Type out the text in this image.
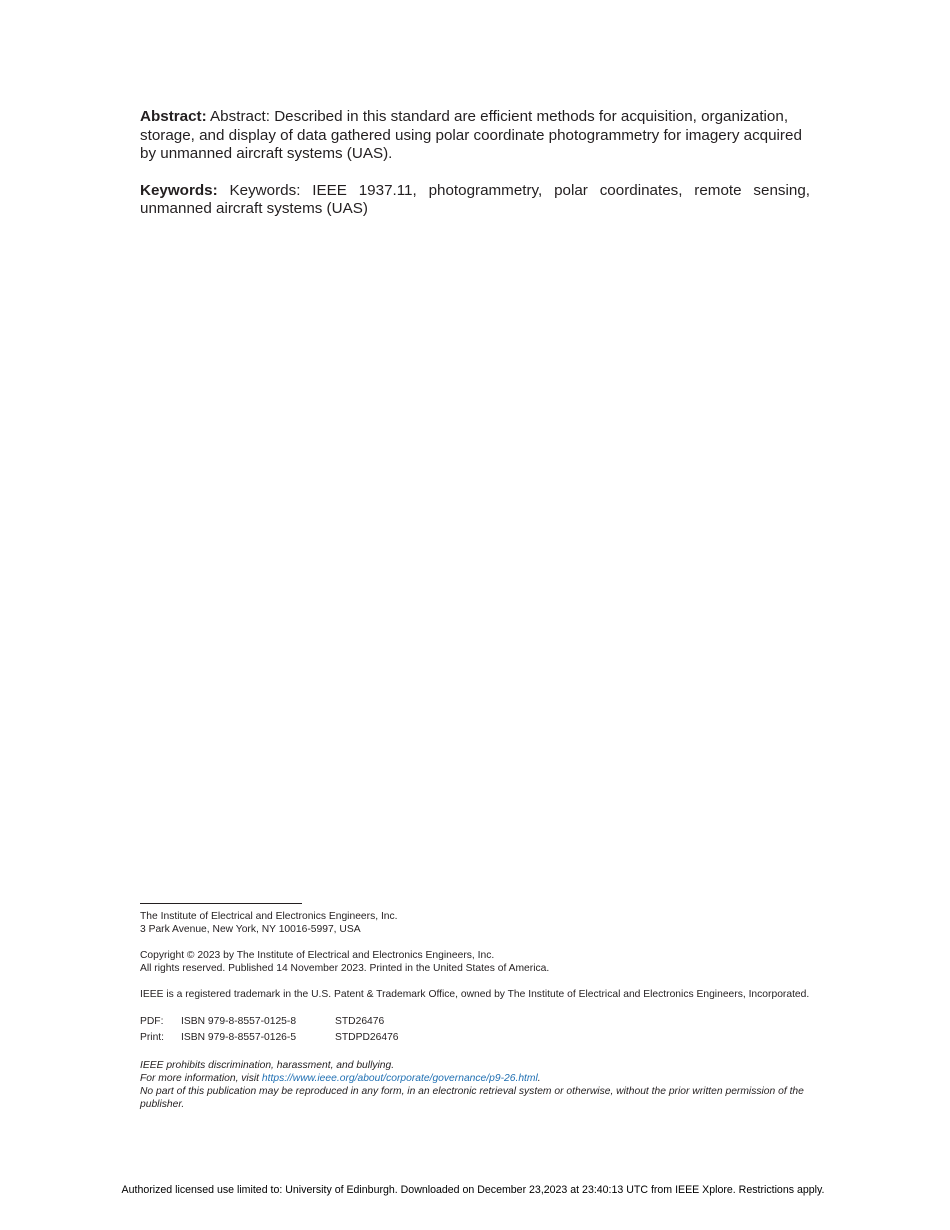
Abstract: Abstract: Described in this standard are efficient methods for acquisition, organization, storage, and display of data gathered using polar coordinate photogrammetry for imagery acquired by unmanned aircraft systems (UAS).

Keywords: Keywords: IEEE 1937.11, photogrammetry, polar coordinates, remote sensing, unmanned aircraft systems (UAS)

The Institute of Electrical and Electronics Engineers, Inc.
3 Park Avenue, New York, NY 10016-5997, USA
Copyright © 2023 by The Institute of Electrical and Electronics Engineers, Inc.
All rights reserved. Published 14 November 2023. Printed in the United States of America.
IEEE is a registered trademark in the U.S. Patent & Trademark Office, owned by The Institute of Electrical and Electronics Engineers, Incorporated.
PDF:	ISBN 979-8-8557-0125-8	STD26476
Print:	ISBN 979-8-8557-0126-5	STDPD26476
IEEE prohibits discrimination, harassment, and bullying.
For more information, visit https://www.ieee.org/about/corporate/governance/p9-26.html.
No part of this publication may be reproduced in any form, in an electronic retrieval system or otherwise, without the prior written permission of the publisher.
Authorized licensed use limited to: University of Edinburgh. Downloaded on December 23,2023 at 23:40:13 UTC from IEEE Xplore. Restrictions apply.
